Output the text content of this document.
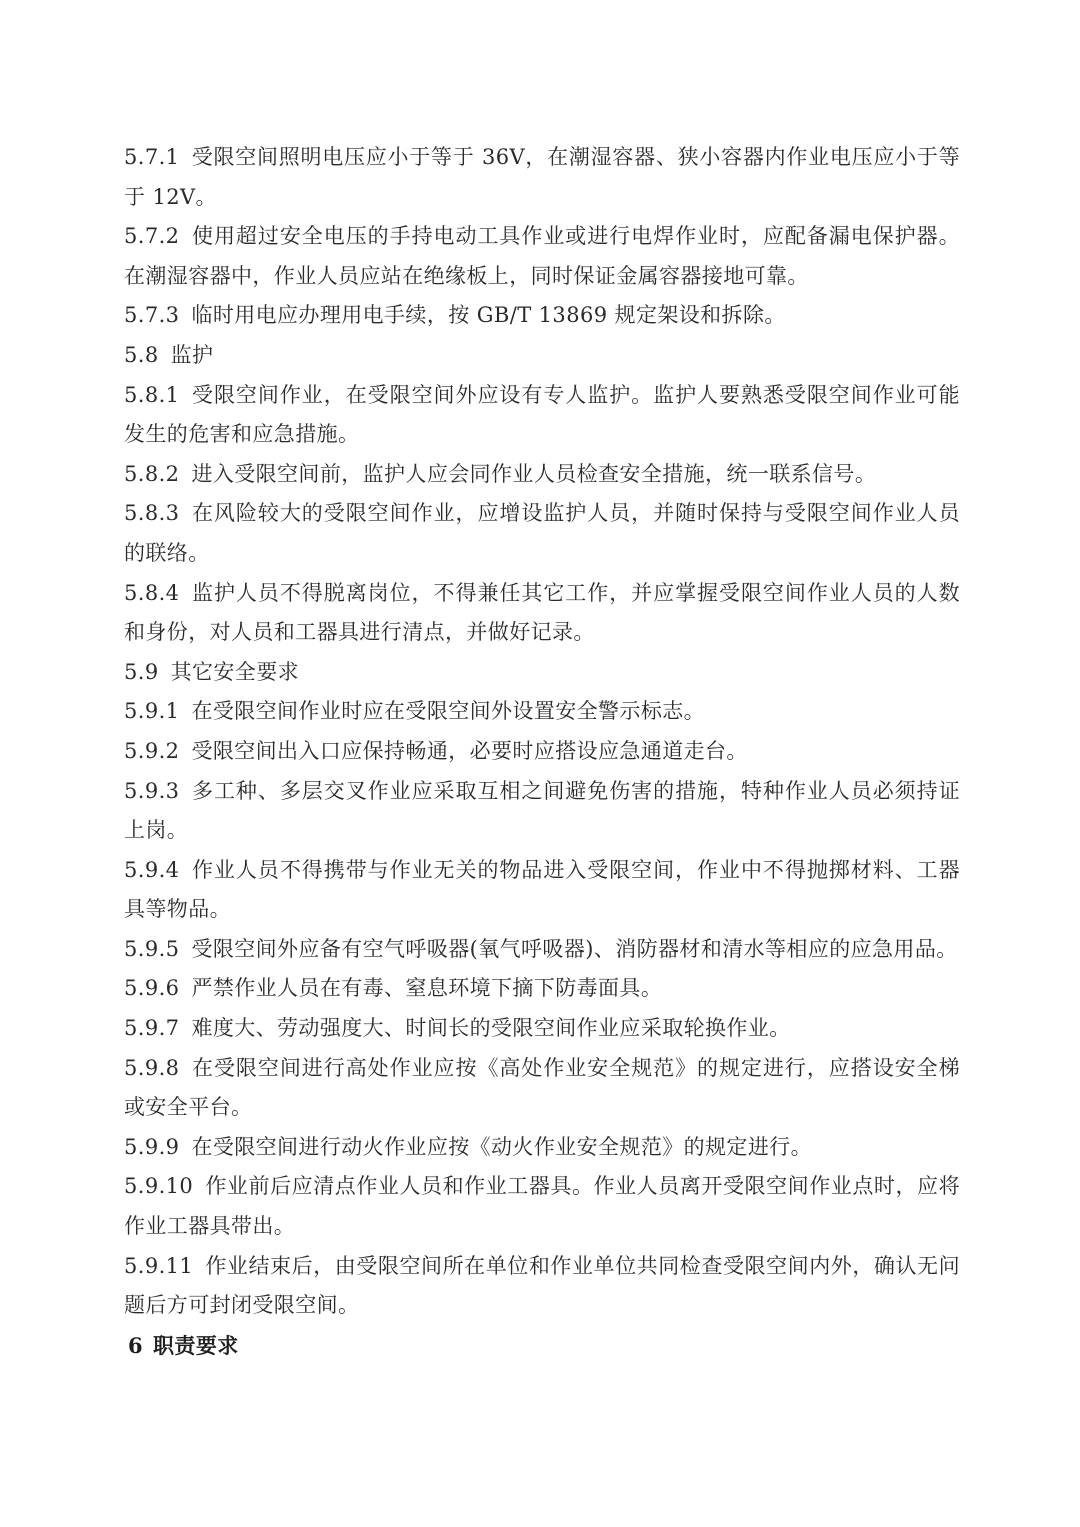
5.7.1 受限空间照明电压应小于等于 36V，在潮湿容器、狭小容器内作业电压应小于等于 12V。

5.7.2 使用超过安全电压的手持电动工具作业或进行电焊作业时，应配备漏电保护器。在潮湿容器中，作业人员应站在绝缘板上，同时保证金属容器接地可靠。

5.7.3 临时用电应办理用电手续，按 GB/T 13869 规定架设和拆除。

5.8 监护

5.8.1 受限空间作业，在受限空间外应设有专人监护。监护人要熟悉受限空间作业可能发生的危害和应急措施。

5.8.2 进入受限空间前，监护人应会同作业人员检查安全措施，统一联系信号。

5.8.3 在风险较大的受限空间作业，应增设监护人员，并随时保持与受限空间作业人员的联络。

5.8.4 监护人员不得脱离岗位，不得兼任其它工作，并应掌握受限空间作业人员的人数和身份，对人员和工器具进行清点，并做好记录。

5.9 其它安全要求

5.9.1 在受限空间作业时应在受限空间外设置安全警示标志。

5.9.2 受限空间出入口应保持畅通，必要时应搭设应急通道走台。

5.9.3 多工种、多层交叉作业应采取互相之间避免伤害的措施，特种作业人员必须持证上岗。

5.9.4 作业人员不得携带与作业无关的物品进入受限空间，作业中不得抛掷材料、工器具等物品。

5.9.5 受限空间外应备有空气呼吸器(氧气呼吸器)、消防器材和清水等相应的应急用品。

5.9.6 严禁作业人员在有毒、窒息环境下摘下防毒面具。

5.9.7 难度大、劳动强度大、时间长的受限空间作业应采取轮换作业。

5.9.8 在受限空间进行高处作业应按《高处作业安全规范》的规定进行，应搭设安全梯或安全平台。

5.9.9 在受限空间进行动火作业应按《动火作业安全规范》的规定进行。

5.9.10 作业前后应清点作业人员和作业工器具。作业人员离开受限空间作业点时，应将作业工器具带出。

5.9.11 作业结束后，由受限空间所在单位和作业单位共同检查受限空间内外，确认无问题后方可封闭受限空间。

6 职责要求
